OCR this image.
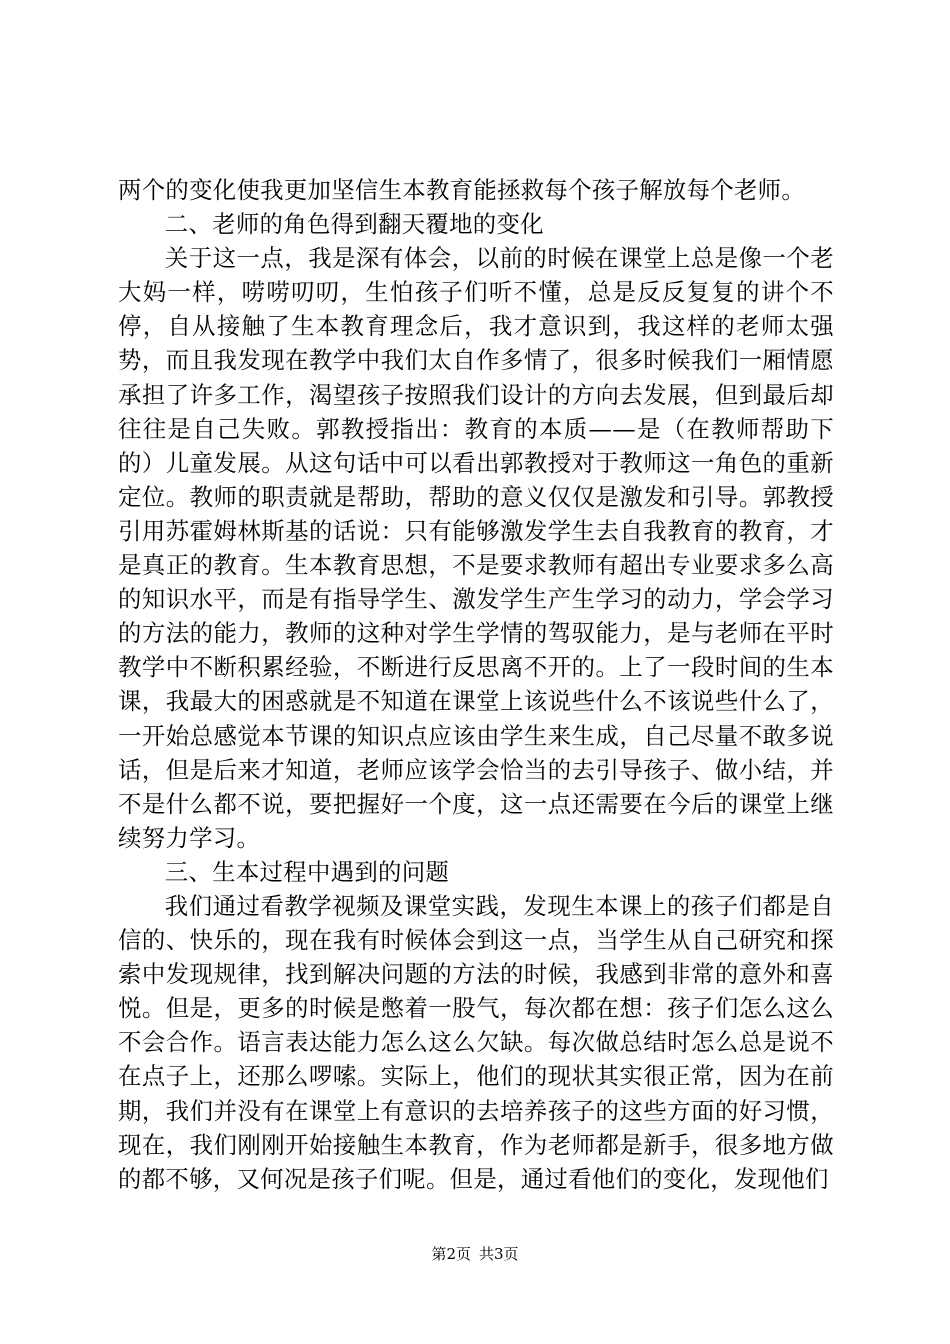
两个的变化使我更加坚信生本教育能拯救每个孩子解放每个老师。

二、老师的角色得到翻天覆地的变化

关于这一点，我是深有体会，以前的时候在课堂上总是像一个老大妈一样，唠唠叨叨，生怕孩子们听不懂，总是反反复复的讲个不停，自从接触了生本教育理念后，我才意识到，我这样的老师太强势，而且我发现在教学中我们太自作多情了，很多时候我们一厢情愿承担了许多工作，渴望孩子按照我们设计的方向去发展，但到最后却往往是自己失败。郭教授指出：教育的本质——是（在教师帮助下的）儿童发展。从这句话中可以看出郭教授对于教师这一角色的重新定位。教师的职责就是帮助，帮助的意义仅仅是激发和引导。郭教授引用苏霍姆林斯基的话说：只有能够激发学生去自我教育的教育，才是真正的教育。生本教育思想，不是要求教师有超出专业要求多么高的知识水平，而是有指导学生、激发学生产生学习的动力，学会学习的方法的能力，教师的这种对学生学情的驾驭能力，是与老师在平时教学中不断积累经验，不断进行反思离不开的。上了一段时间的生本课，我最大的困惑就是不知道在课堂上该说些什么不该说些什么了，一开始总感觉本节课的知识点应该由学生来生成，自己尽量不敢多说话，但是后来才知道，老师应该学会恰当的去引导孩子、做小结，并不是什么都不说，要把握好一个度，这一点还需要在今后的课堂上继续努力学习。

三、生本过程中遇到的问题

我们通过看教学视频及课堂实践，发现生本课上的孩子们都是自信的、快乐的，现在我有时候体会到这一点，当学生从自己研究和探索中发现规律，找到解决问题的方法的时候，我感到非常的意外和喜悦。但是，更多的时候是憋着一股气，每次都在想：孩子们怎么这么不会合作。语言表达能力怎么这么欠缺。每次做总结时怎么总是说不在点子上，还那么啰嗦。实际上，他们的现状其实很正常，因为在前期，我们并没有在课堂上有意识的去培养孩子的这些方面的好习惯，现在，我们刚刚开始接触生本教育，作为老师都是新手，很多地方做的都不够，又何况是孩子们呢。但是，通过看他们的变化，发现他们

第2页 共3页
